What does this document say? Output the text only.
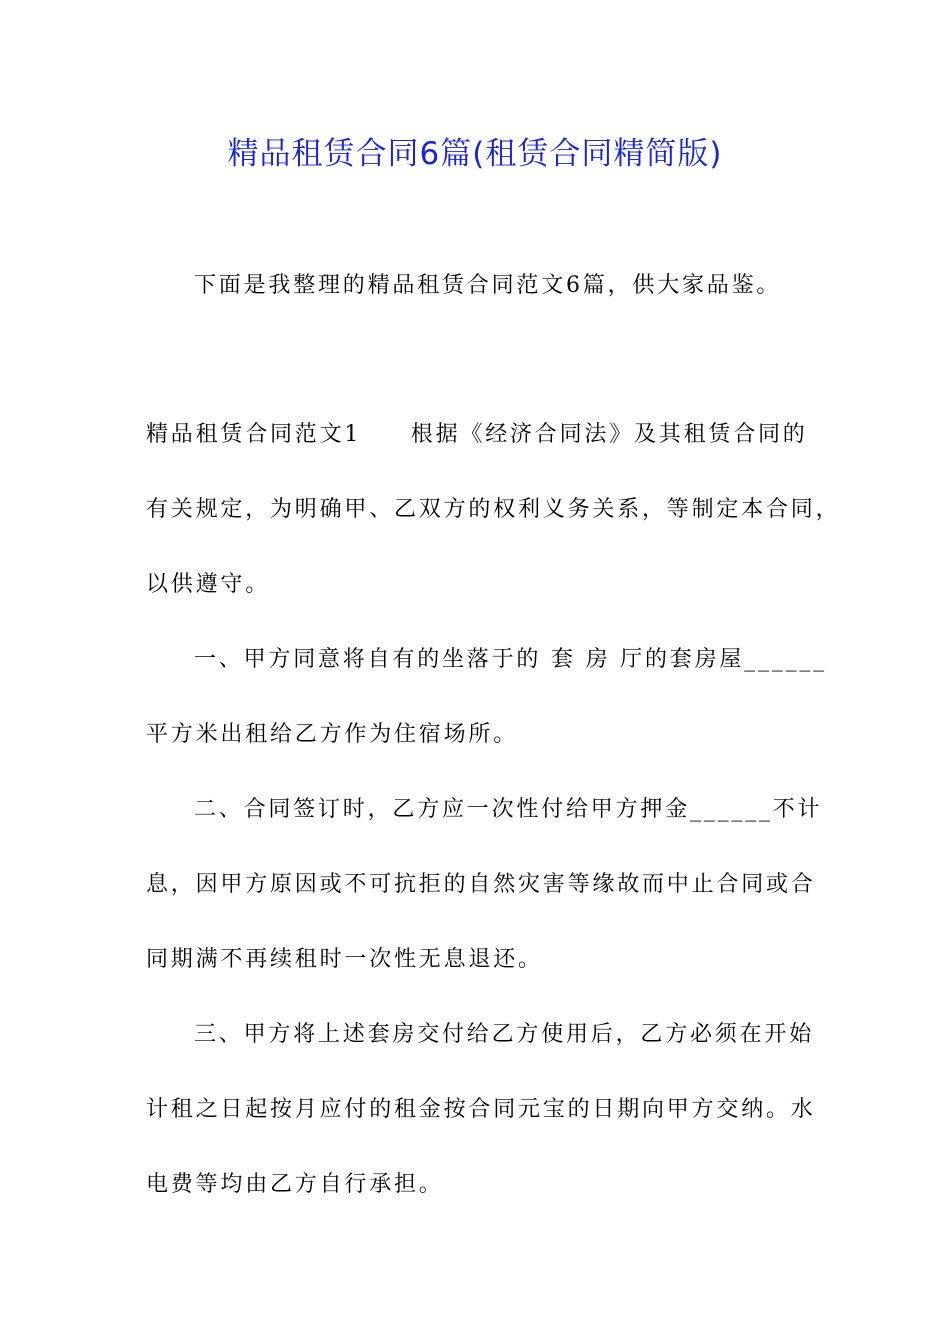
精品租赁合同6篇(租赁合同精简版)
下面是我整理的精品租赁合同范文6篇，供大家品鉴。
精品租赁合同范文1　　根据《经济合同法》及其租赁合同的
有关规定，为明确甲、乙双方的权利义务关系，等制定本合同，
以供遵守。
一、甲方同意将自有的坐落于的 套 房 厅的套房屋______
平方米出租给乙方作为住宿场所。
二、合同签订时，乙方应一次性付给甲方押金______不计
息，因甲方原因或不可抗拒的自然灾害等缘故而中止合同或合
同期满不再续租时一次性无息退还。
三、甲方将上述套房交付给乙方使用后，乙方必须在开始
计租之日起按月应付的租金按合同元宝的日期向甲方交纳。水
电费等均由乙方自行承担。
